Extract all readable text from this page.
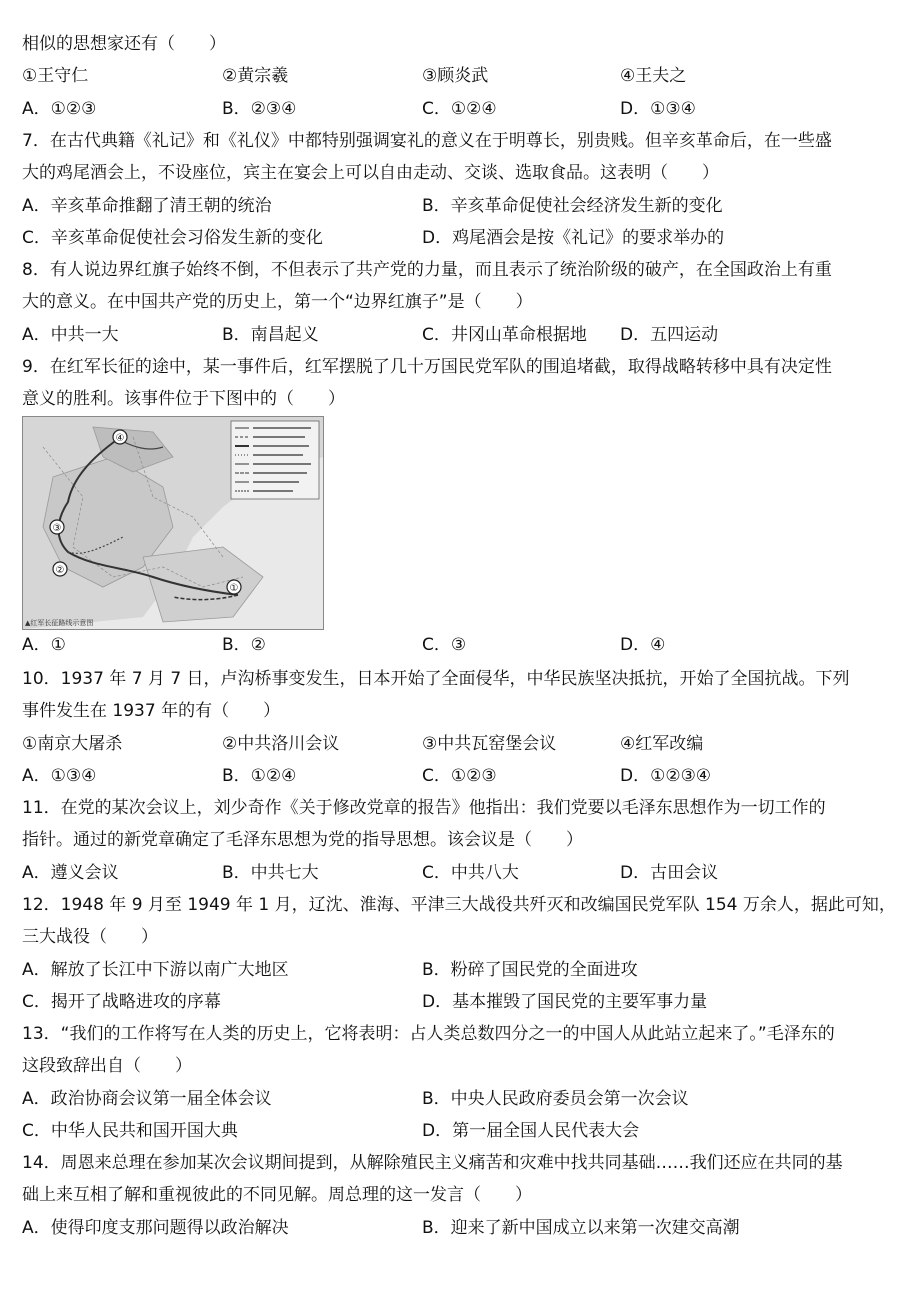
相似的思想家还有（　　）
①王守仁	②黄宗羲	③顾炎武	④王夫之
A．①②③	B．②③④	C．①②④	D．①③④
7．在古代典籍《礼记》和《礼仪》中都特别强调宴礼的意义在于明尊长，别贵贱。但辛亥革命后，在一些盛
大的鸡尾酒会上，不设座位，宾主在宴会上可以自由走动、交谈、选取食品。这表明（　　）
A．辛亥革命推翻了清王朝的统治	B．辛亥革命促使社会经济发生新的变化
C．辛亥革命促使社会习俗发生新的变化	D．鸡尾酒会是按《礼记》的要求举办的
8．有人说边界红旗子始终不倒，不但表示了共产党的力量，而且表示了统治阶级的破产，在全国政治上有重
大的意义。在中国共产党的历史上，第一个“边界红旗子”是（　　）
A．中共一大	B．南昌起义	C．井冈山革命根据地 D．五四运动
9．在红军长征的途中，某一事件后，红军摆脱了几十万国民党军队的围追堵截，取得战略转移中具有决定性
意义的胜利。该事件位于下图中的（　　）
①
②
③
④
▲红军长征路线示意图
A．①	B．②	C．③	D．④
10．1937 年 7 月 7 日，卢沟桥事变发生，日本开始了全面侵华，中华民族坚决抵抗，开始了全国抗战。下列
事件发生在 1937 年的有（　　）
①南京大屠杀	②中共洛川会议	③中共瓦窑堡会议	④红军改编
A．①③④	B．①②④	C．①②③	D．①②③④
11．在党的某次会议上，刘少奇作《关于修改党章的报告》他指出：我们党要以毛泽东思想作为一切工作的
指针。通过的新党章确定了毛泽东思想为党的指导思想。该会议是（　　）
A．遵义会议	B．中共七大	C．中共八大	D．古田会议
12．1948 年 9 月至 1949 年 1 月，辽沈、淮海、平津三大战役共歼灭和改编国民党军队 154 万余人，据此可知，
三大战役（　　）
A．解放了长江中下游以南广大地区	B．粉碎了国民党的全面进攻
C．揭开了战略进攻的序幕	D．基本摧毁了国民党的主要军事力量
13．“我们的工作将写在人类的历史上，它将表明：占人类总数四分之一的中国人从此站立起来了。”毛泽东的
这段致辞出自（　　）
A．政治协商会议第一届全体会议	B．中央人民政府委员会第一次会议
C．中华人民共和国开国大典	D．第一届全国人民代表大会
14．周恩来总理在参加某次会议期间提到，从解除殖民主义痛苦和灾难中找共同基础……我们还应在共同的基
础上来互相了解和重视彼此的不同见解。周总理的这一发言（　　）
A．使得印度支那问题得以政治解决	B．迎来了新中国成立以来第一次建交高潮
